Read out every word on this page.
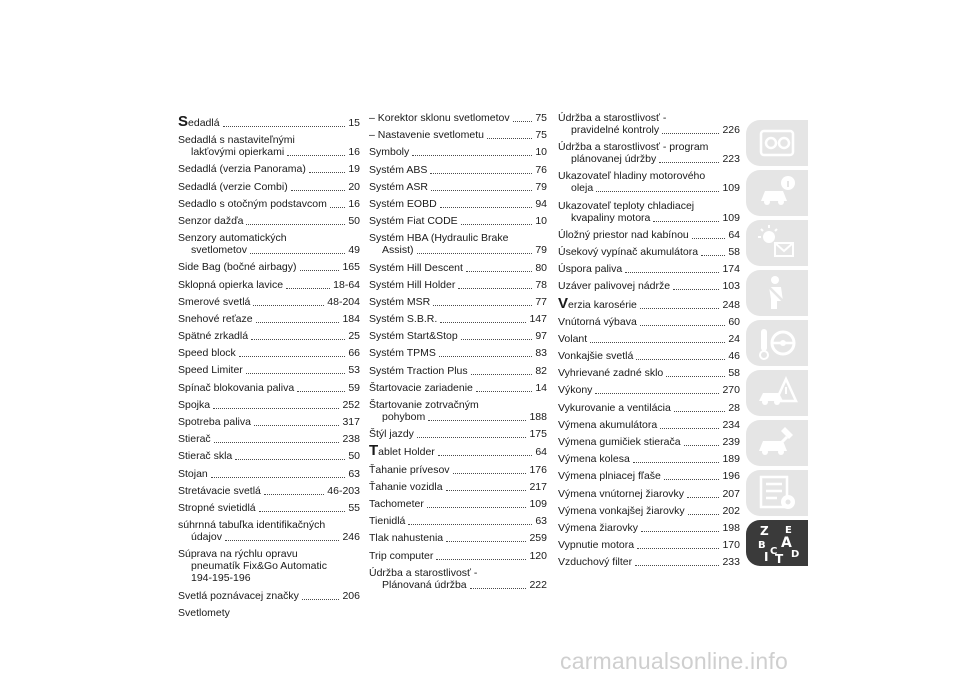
Sedadlá	15
Sedadlá s nastaviteľnými
lakťovými opierkami	16
Sedadlá (verzia Panorama)	19
Sedadlá (verzie Combi)	20
Sedadlo s otočným podstavcom 16
Senzor dažďa	50
Senzory automatických
svetlometov	49
Side Bag (bočné airbagy)	165
Sklopná opierka lavice	18-64
Smerové svetlá	48-204
Snehové reťaze	184
Spätné zrkadlá	25
Speed block	66
Speed Limiter	53
Spínač blokovania paliva	59
Spojka	252
Spotreba paliva	317
Stierač	238
Stierač skla	50
Stojan	63
Stretávacie svetlá	46-203
Stropné svietidlá	55
súhrnná tabuľka identifikačných
údajov	246
Súprava na rýchlu opravu
pneumatík Fix&Go Automatic
194-195-196
Svetlá poznávacej značky	206
Svetlomety
– Korektor sklonu svetlometov 75
– Nastavenie svetlometu	75
Symboly	10
Systém ABS	76
Systém ASR	79
Systém EOBD	94
Systém Fiat CODE	10
Systém HBA (Hydraulic Brake
Assist)	79
Systém Hill Descent	80
Systém Hill Holder	78
Systém MSR	77
Systém S.B.R.	147
Systém Start&Stop	97
Systém TPMS	83
Systém Traction Plus	82
Štartovacie zariadenie	14
Štartovanie zotrvačným
pohybom	188
Štýl jazdy	175
Tablet Holder	64
Ťahanie prívesov	176
Ťahanie vozidla	217
Tachometer	109
Tienidlá	63
Tlak nahustenia	259
Trip computer	120
Údržba a starostlivosť -
Plánovaná údržba	222
Údržba a starostlivosť -
pravidelné kontroly	226
Údržba a starostlivosť - program
plánovanej údržby	223
Ukazovateľ hladiny motorového
oleja	109
Ukazovateľ teploty chladiacej
kvapaliny motora	109
Úložný priestor nad kabínou	64
Úsekový vypínač akumulátora	58
Úspora paliva	174
Uzáver palivovej nádrže	103
Verzia karosérie	248
Vnútorná výbava	60
Volant	24
Vonkajšie svetlá	46
Vyhrievané zadné sklo	58
Výkony	270
Vykurovanie a ventilácia	28
Výmena akumulátora	234
Výmena gumičiek stierača	239
Výmena kolesa	189
Výmena plniacej fľaše	196
Výmena vnútornej žiarovky	207
Výmena vonkajšej žiarovky	202
Výmena žiarovky	198
Vypnutie motora	170
Vzduchový filter	233
Z E
A
B
C
I T D
carmanualsonline.info
